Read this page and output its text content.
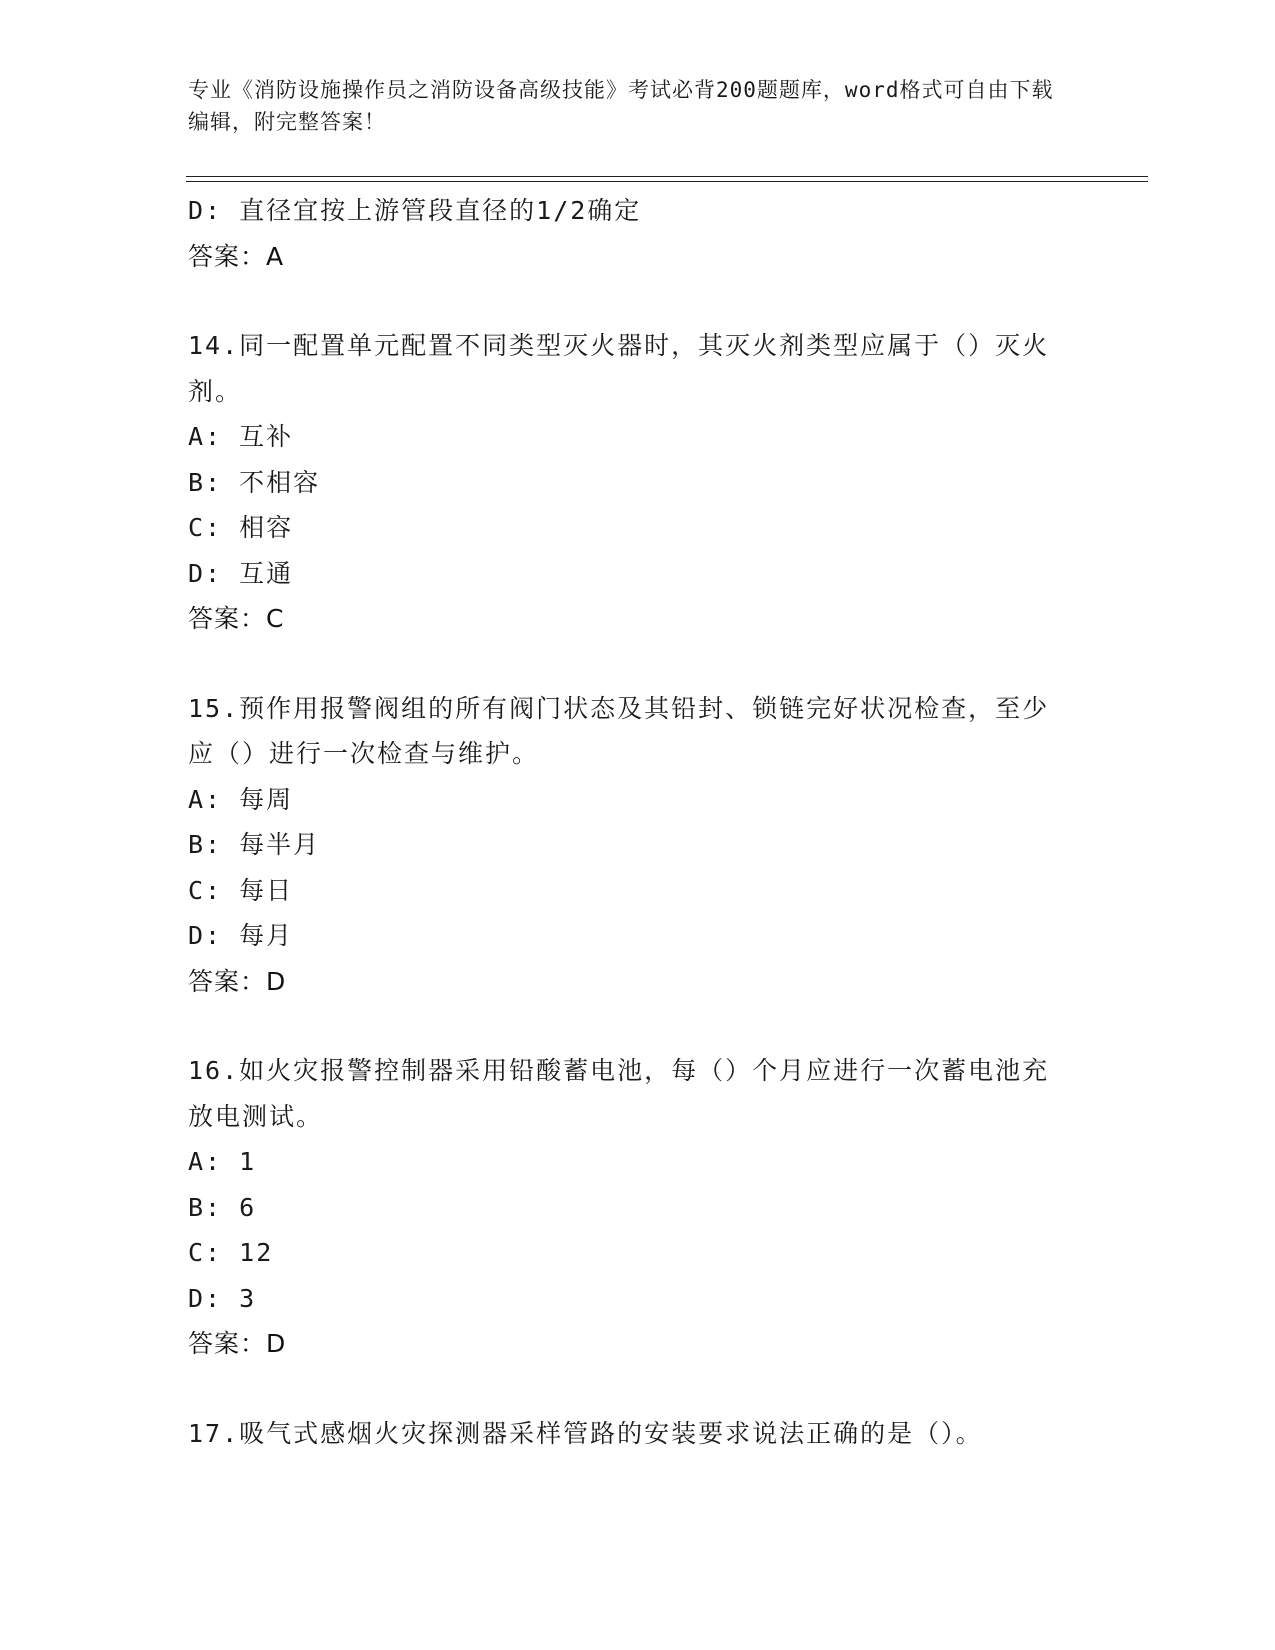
专业《消防设施操作员之消防设备高级技能》考试必背200题题库，word格式可自由下载编辑，附完整答案！
D: 直径宜按上游管段直径的1/2确定
答案：A
14.同一配置单元配置不同类型灭火器时，其灭火剂类型应属于（）灭火剂。
A: 互补
B: 不相容
C: 相容
D: 互通
答案：C
15.预作用报警阀组的所有阀门状态及其铅封、锁链完好状况检查，至少应（）进行一次检查与维护。
A: 每周
B: 每半月
C: 每日
D: 每月
答案：D
16.如火灾报警控制器采用铅酸蓄电池，每（）个月应进行一次蓄电池充放电测试。
A: 1
B: 6
C: 12
D: 3
答案：D
17.吸气式感烟火灾探测器采样管路的安装要求说法正确的是（）。
